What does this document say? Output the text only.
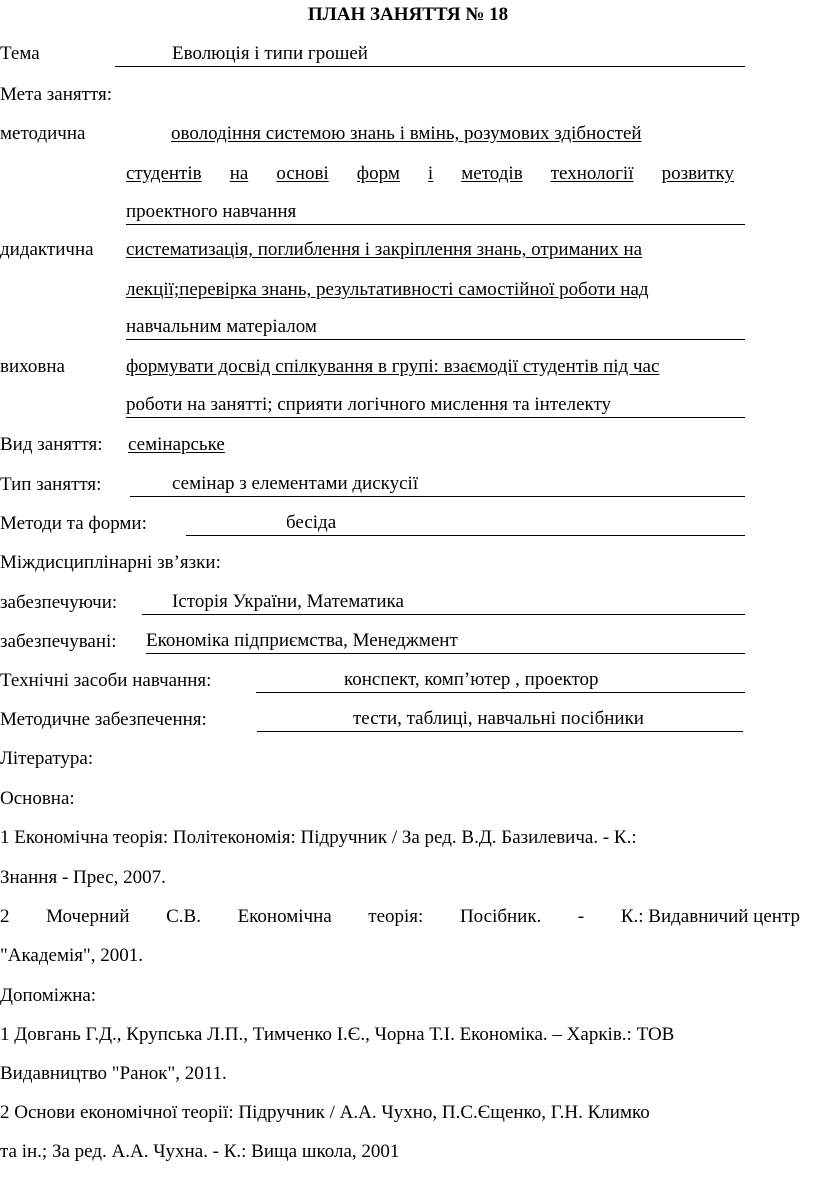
ПЛАН ЗАНЯТТЯ № 18
Тема	Еволюція і типи грошей
Мета заняття:
методична	оволодіння системою знань і вмінь, розумових здібностей
студентів на основі форм і методів технології розвитку
проектного навчання
дидактична систематизація, поглиблення і закріплення знань, отриманих на
лекції;перевірка знань, результативності самостійної роботи над
навчальним матеріалом
виховна	формувати досвід спілкування в групі: взаємодії студентів під час
роботи на занятті; сприяти логічного мислення та інтелекту
Вид заняття: семінарське
Тип заняття:	семінар з елементами дискусії
Методи та форми:	бесіда
Міждисциплінарні зв’язки:
забезпечуючи:	Історія України, Математика
забезпечувані: Економіка підприємства, Менеджмент
Технічні засоби навчання:	конспект, комп’ютер , проектор
Методичне забезпечення:	тести, таблиці, навчальні посібники
Література:
Основна:
1 Економічна теорія: Політекономія: Підручник / За ред. В.Д. Базилевича. - К.:
Знання - Прес, 2007.
2 Мочерний С.В. Економічна теорія: Посібник. - К.: Видавничий центр
"Академія", 2001.
Допоміжна:
1 Довгань Г.Д., Крупська Л.П., Тимченко І.Є., Чорна Т.І. Економіка. – Харків.: ТОВ
Видавництво "Ранок", 2011.
2 Основи економічної теорії: Підручник / А.А. Чухно, П.С.Єщенко, Г.Н. Климко
та ін.; За ред. А.А. Чухна. - К.: Вища школа, 2001
